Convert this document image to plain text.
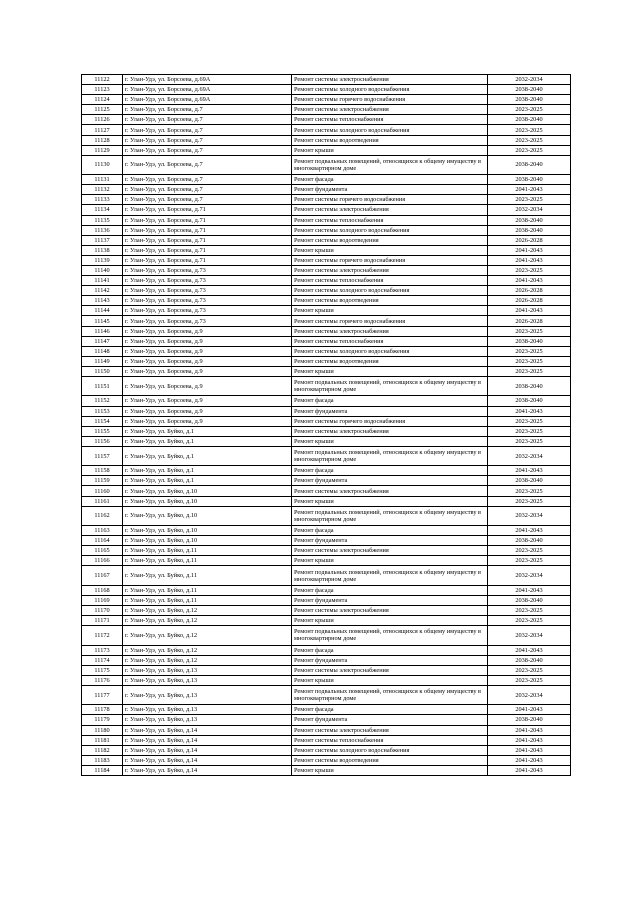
11122	г. Улан-Удэ, ул. Борсоева, д.69А	Ремонт системы электроснабжения	2032-2034
11123	г. Улан-Удэ, ул. Борсоева, д.69А	Ремонт системы холодного водоснабжения	2038-2040
11124	г. Улан-Удэ, ул. Борсоева, д.69А	Ремонт системы горячего водоснабжения	2038-2040
11125	г. Улан-Удэ, ул. Борсоева, д.7	Ремонт системы электроснабжения	2023-2025
11126	г. Улан-Удэ, ул. Борсоева, д.7	Ремонт системы теплоснабжения	2038-2040
11127	г. Улан-Удэ, ул. Борсоева, д.7	Ремонт системы холодного водоснабжения	2023-2025
11128	г. Улан-Удэ, ул. Борсоева, д.7	Ремонт системы водоотведения	2023-2025
11129	г. Улан-Удэ, ул. Борсоева, д.7	Ремонт крыши	2023-2025
11130	г. Улан-Удэ, ул. Борсоева, д.7	Ремонт подвальных помещений, относящихся к общему имуществу в многоквартирном доме	2038-2040
11131	г. Улан-Удэ, ул. Борсоева, д.7	Ремонт фасада	2038-2040
11132	г. Улан-Удэ, ул. Борсоева, д.7	Ремонт фундамента	2041-2043
11133	г. Улан-Удэ, ул. Борсоева, д.7	Ремонт системы горячего водоснабжения	2023-2025
11134	г. Улан-Удэ, ул. Борсоева, д.71	Ремонт системы электроснабжения	2032-2034
11135	г. Улан-Удэ, ул. Борсоева, д.71	Ремонт системы теплоснабжения	2038-2040
11136	г. Улан-Удэ, ул. Борсоева, д.71	Ремонт системы холодного водоснабжения	2038-2040
11137	г. Улан-Удэ, ул. Борсоева, д.71	Ремонт системы водоотведения	2026-2028
11138	г. Улан-Удэ, ул. Борсоева, д.71	Ремонт крыши	2041-2043
11139	г. Улан-Удэ, ул. Борсоева, д.71	Ремонт системы горячего водоснабжения	2041-2043
11140	г. Улан-Удэ, ул. Борсоева, д.73	Ремонт системы электроснабжения	2023-2025
11141	г. Улан-Удэ, ул. Борсоева, д.73	Ремонт системы теплоснабжения	2041-2043
11142	г. Улан-Удэ, ул. Борсоева, д.73	Ремонт системы холодного водоснабжения	2026-2028
11143	г. Улан-Удэ, ул. Борсоева, д.73	Ремонт системы водоотведения	2026-2028
11144	г. Улан-Удэ, ул. Борсоева, д.73	Ремонт крыши	2041-2043
11145	г. Улан-Удэ, ул. Борсоева, д.73	Ремонт системы горячего водоснабжения	2026-2028
11146	г. Улан-Удэ, ул. Борсоева, д.9	Ремонт системы электроснабжения	2023-2025
11147	г. Улан-Удэ, ул. Борсоева, д.9	Ремонт системы теплоснабжения	2038-2040
11148	г. Улан-Удэ, ул. Борсоева, д.9	Ремонт системы холодного водоснабжения	2023-2025
11149	г. Улан-Удэ, ул. Борсоева, д.9	Ремонт системы водоотведения	2023-2025
11150	г. Улан-Удэ, ул. Борсоева, д.9	Ремонт крыши	2023-2025
11151	г. Улан-Удэ, ул. Борсоева, д.9	Ремонт подвальных помещений, относящихся к общему имуществу в многоквартирном доме	2038-2040
11152	г. Улан-Удэ, ул. Борсоева, д.9	Ремонт фасада	2038-2040
11153	г. Улан-Удэ, ул. Борсоева, д.9	Ремонт фундамента	2041-2043
11154	г. Улан-Удэ, ул. Борсоева, д.9	Ремонт системы горячего водоснабжения	2023-2025
11155	г. Улан-Удэ, ул. Буйко, д.1	Ремонт системы электроснабжения	2023-2025
11156	г. Улан-Удэ, ул. Буйко, д.1	Ремонт крыши	2023-2025
11157	г. Улан-Удэ, ул. Буйко, д.1	Ремонт подвальных помещений, относящихся к общему имуществу в многоквартирном доме	2032-2034
11158	г. Улан-Удэ, ул. Буйко, д.1	Ремонт фасада	2041-2043
11159	г. Улан-Удэ, ул. Буйко, д.1	Ремонт фундамента	2038-2040
11160	г. Улан-Удэ, ул. Буйко, д.10	Ремонт системы электроснабжения	2023-2025
11161	г. Улан-Удэ, ул. Буйко, д.10	Ремонт крыши	2023-2025
11162	г. Улан-Удэ, ул. Буйко, д.10	Ремонт подвальных помещений, относящихся к общему имуществу в многоквартирном доме	2032-2034
11163	г. Улан-Удэ, ул. Буйко, д.10	Ремонт фасада	2041-2043
11164	г. Улан-Удэ, ул. Буйко, д.10	Ремонт фундамента	2038-2040
11165	г. Улан-Удэ, ул. Буйко, д.11	Ремонт системы электроснабжения	2023-2025
11166	г. Улан-Удэ, ул. Буйко, д.11	Ремонт крыши	2023-2025
11167	г. Улан-Удэ, ул. Буйко, д.11	Ремонт подвальных помещений, относящихся к общему имуществу в многоквартирном доме	2032-2034
11168	г. Улан-Удэ, ул. Буйко, д.11	Ремонт фасада	2041-2043
11169	г. Улан-Удэ, ул. Буйко, д.11	Ремонт фундамента	2038-2040
11170	г. Улан-Удэ, ул. Буйко, д.12	Ремонт системы электроснабжения	2023-2025
11171	г. Улан-Удэ, ул. Буйко, д.12	Ремонт крыши	2023-2025
11172	г. Улан-Удэ, ул. Буйко, д.12	Ремонт подвальных помещений, относящихся к общему имуществу в многоквартирном доме	2032-2034
11173	г. Улан-Удэ, ул. Буйко, д.12	Ремонт фасада	2041-2043
11174	г. Улан-Удэ, ул. Буйко, д.12	Ремонт фундамента	2038-2040
11175	г. Улан-Удэ, ул. Буйко, д.13	Ремонт системы электроснабжения	2023-2025
11176	г. Улан-Удэ, ул. Буйко, д.13	Ремонт крыши	2023-2025
11177	г. Улан-Удэ, ул. Буйко, д.13	Ремонт подвальных помещений, относящихся к общему имуществу в многоквартирном доме	2032-2034
11178	г. Улан-Удэ, ул. Буйко, д.13	Ремонт фасада	2041-2043
11179	г. Улан-Удэ, ул. Буйко, д.13	Ремонт фундамента	2038-2040
11180	г. Улан-Удэ, ул. Буйко, д.14	Ремонт системы электроснабжения	2041-2043
11181	г. Улан-Удэ, ул. Буйко, д.14	Ремонт системы теплоснабжения	2041-2043
11182	г. Улан-Удэ, ул. Буйко, д.14	Ремонт системы холодного водоснабжения	2041-2043
11183	г. Улан-Удэ, ул. Буйко, д.14	Ремонт системы водоотведения	2041-2043
11184	г. Улан-Удэ, ул. Буйко, д.14	Ремонт крыши	2041-2043
